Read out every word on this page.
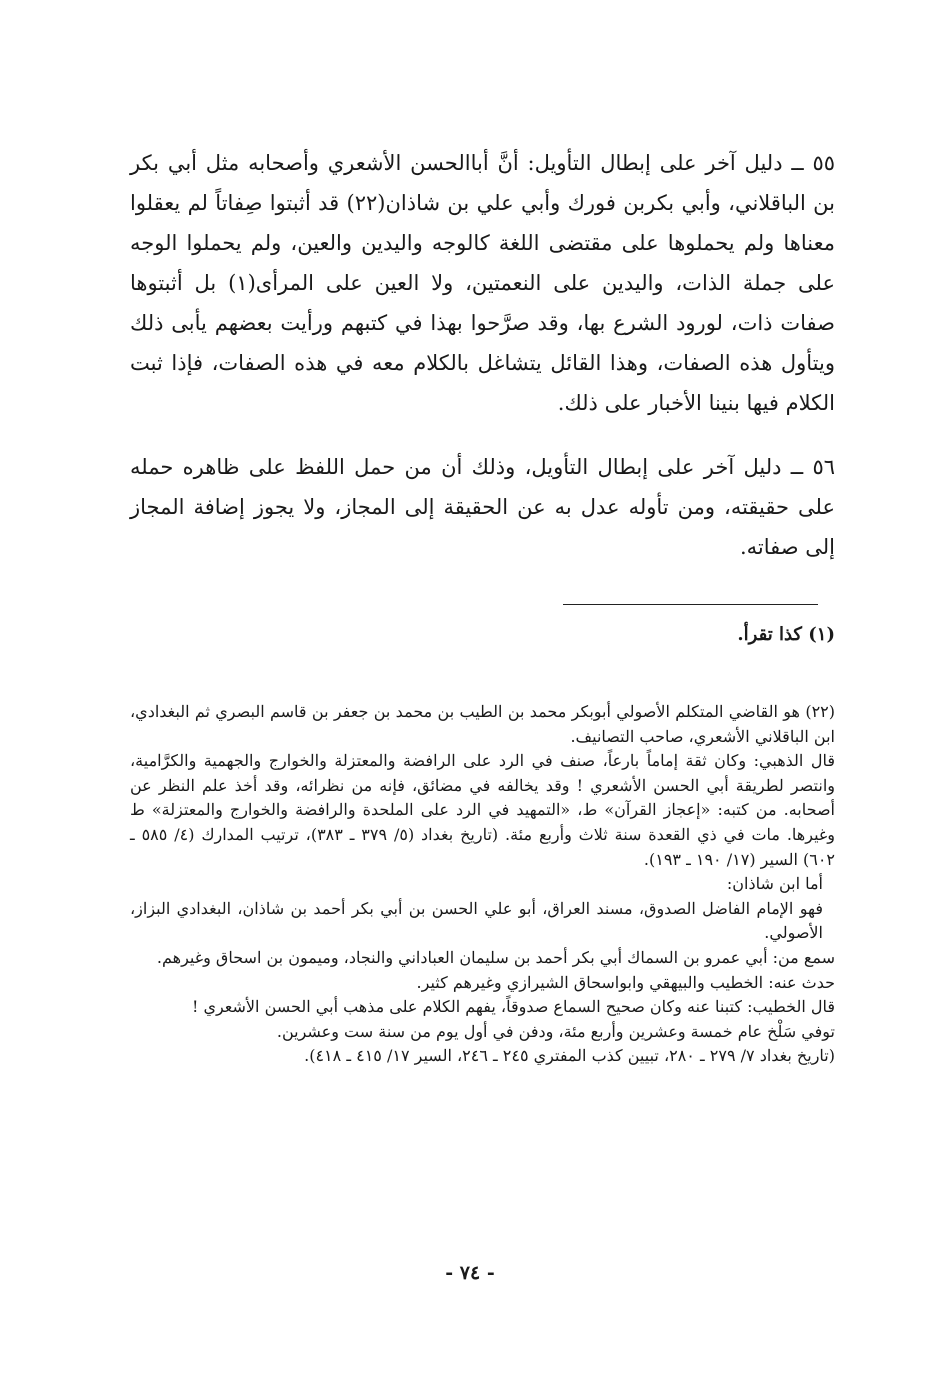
٥٥ ــ دليل آخر على إبطال التأويل: أنَّ أباالحسن الأشعري وأصحابه مثل أبي بكر بن الباقلاني، وأبي بكربن فورك وأبي علي بن شاذان(٢٢) قد أثبتوا صِفاتاً لم يعقلوا معناها ولم يحملوها على مقتضى اللغة كالوجه واليدين والعين، ولم يحملوا الوجه على جملة الذات، واليدين على النعمتين، ولا العين على المرأى(١) بل أثبتوها صفات ذات، لورود الشرع بها، وقد صرَّحوا بهذا في كتبهم ورأيت بعضهم يأبى ذلك ويتأول هذه الصفات، وهذا القائل يتشاغل بالكلام معه في هذه الصفات، فإذا ثبت الكلام فيها بنينا الأخبار على ذلك.

٥٦ ــ دليل آخر على إبطال التأويل، وذلك أن من حمل اللفظ على ظاهره حمله على حقيقته، ومن تأوله عدل به عن الحقيقة إلى المجاز، ولا يجوز إضافة المجاز إلى صفاته.

(١) كذا تقرأ.

(٢٢) هو القاضي المتكلم الأصولي أبوبكر محمد بن الطيب بن محمد بن جعفر بن قاسم البصري ثم البغدادي، ابن الباقلاني الأشعري، صاحب التصانيف.

قال الذهبي: وكان ثقة إماماً بارعاً، صنف في الرد على الرافضة والمعتزلة والخوارج والجهمية والكرَّامية، وانتصر لطريقة أبي الحسن الأشعري ! وقد يخالفه في مضائق، فإنه من نظرائه، وقد أخذ علم النظر عن أصحابه. من كتبه: «إعجاز القرآن» ط، «التمهيد في الرد على الملحدة والرافضة والخوارج والمعتزلة» ط وغيرها. مات في ذي القعدة سنة ثلاث وأربع مئة. (تاريخ بغداد (٥/ ٣٧٩ ـ ٣٨٣)، ترتيب المدارك (٤/ ٥٨٥ ـ ٦٠٢) السير (١٧/ ١٩٠ ـ ١٩٣).

أما ابن شاذان:

فهو الإمام الفاضل الصدوق، مسند العراق، أبو علي الحسن بن أبي بكر أحمد بن شاذان، البغدادي البزاز، الأصولي.

سمع من: أبي عمرو بن السماك أبي بكر أحمد بن سليمان العباداني والنجاد، وميمون بن اسحاق وغيرهم.

حدث عنه: الخطيب والبيهقي وابواسحاق الشيرازي وغيرهم كثير.

قال الخطيب: كتبنا عنه وكان صحيح السماع صدوقاً، يفهم الكلام على مذهب أبي الحسن الأشعري !

توفي سَلْخ عام خمسة وعشرين وأربع مئة، ودفن في أول يوم من سنة ست وعشرين.

(تاريخ بغداد ٧/ ٢٧٩ ـ ٢٨٠، تبيين كذب المفتري ٢٤٥ ـ ٢٤٦، السير ١٧/ ٤١٥ ـ ٤١٨).

- ٧٤ -
